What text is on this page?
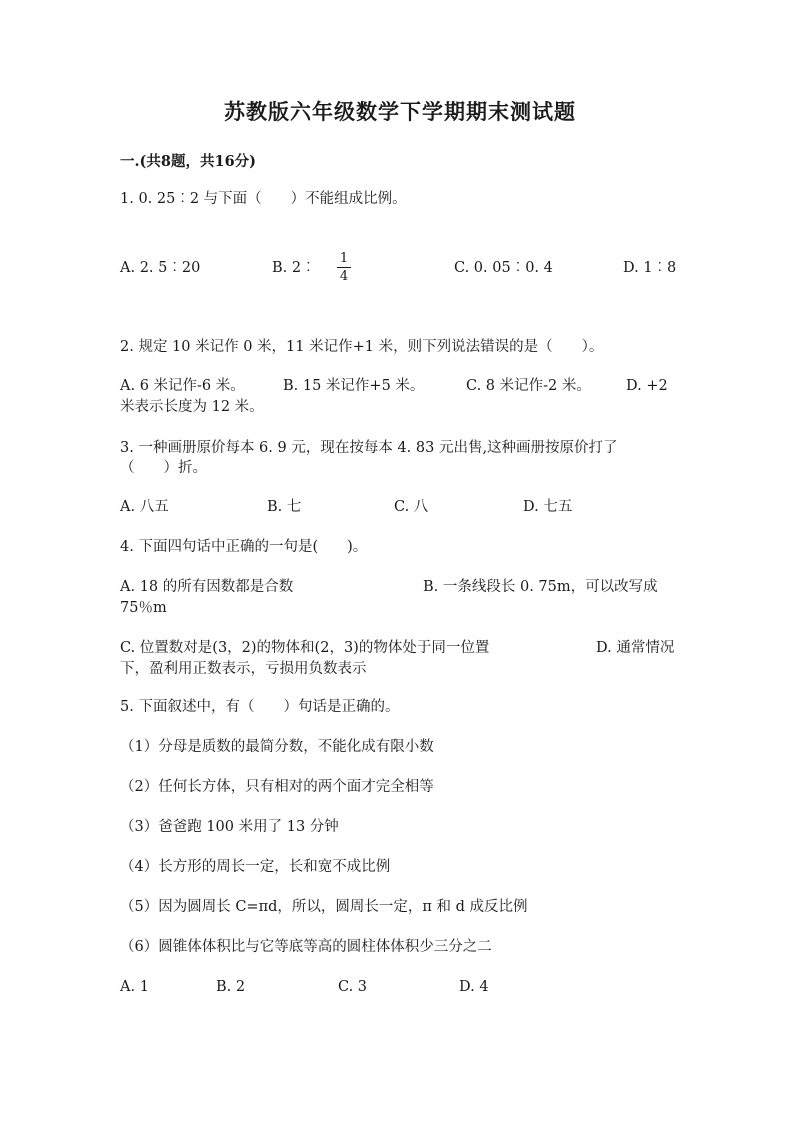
苏教版六年级数学下学期期末测试题
一.(共8题，共16分)
1. 0. 25︰2 与下面（　　）不能组成比例。
A. 2. 5︰20	B. 2︰
1
4
C. 0. 05︰0. 4	D. 1︰8
2. 规定 10 米记作 0 米，11 米记作+1 米，则下列说法错误的是（　　）。
A. 6 米记作-6 米。	B. 15 米记作+5 米。	C. 8 米记作-2 米。 D. +2
米表示长度为 12 米。
3. 一种画册原价每本 6. 9 元，现在按每本 4. 83 元出售,这种画册按原价打了
（　　）折。
A. 八五	B. 七	C. 八	D. 七五
4. 下面四句话中正确的一句是(　　)。
A. 18 的所有因数都是合数	B. 一条线段长 0. 75m，可以改写成
75％m
C. 位置数对是(3，2)的物体和(2，3)的物体处于同一位置	D. 通常情况
下，盈利用正数表示，亏损用负数表示
5. 下面叙述中，有（　　）句话是正确的。
（1）分母是质数的最简分数，不能化成有限小数
（2）任何长方体，只有相对的两个面才完全相等
（3）爸爸跑 100 米用了 13 分钟
（4）长方形的周长一定，长和宽不成比例
（5）因为圆周长 C=πd，所以，圆周长一定，π 和 d 成反比例
（6）圆锥体体积比与它等底等高的圆柱体体积少三分之二
A. 1	B. 2	C. 3	D. 4
